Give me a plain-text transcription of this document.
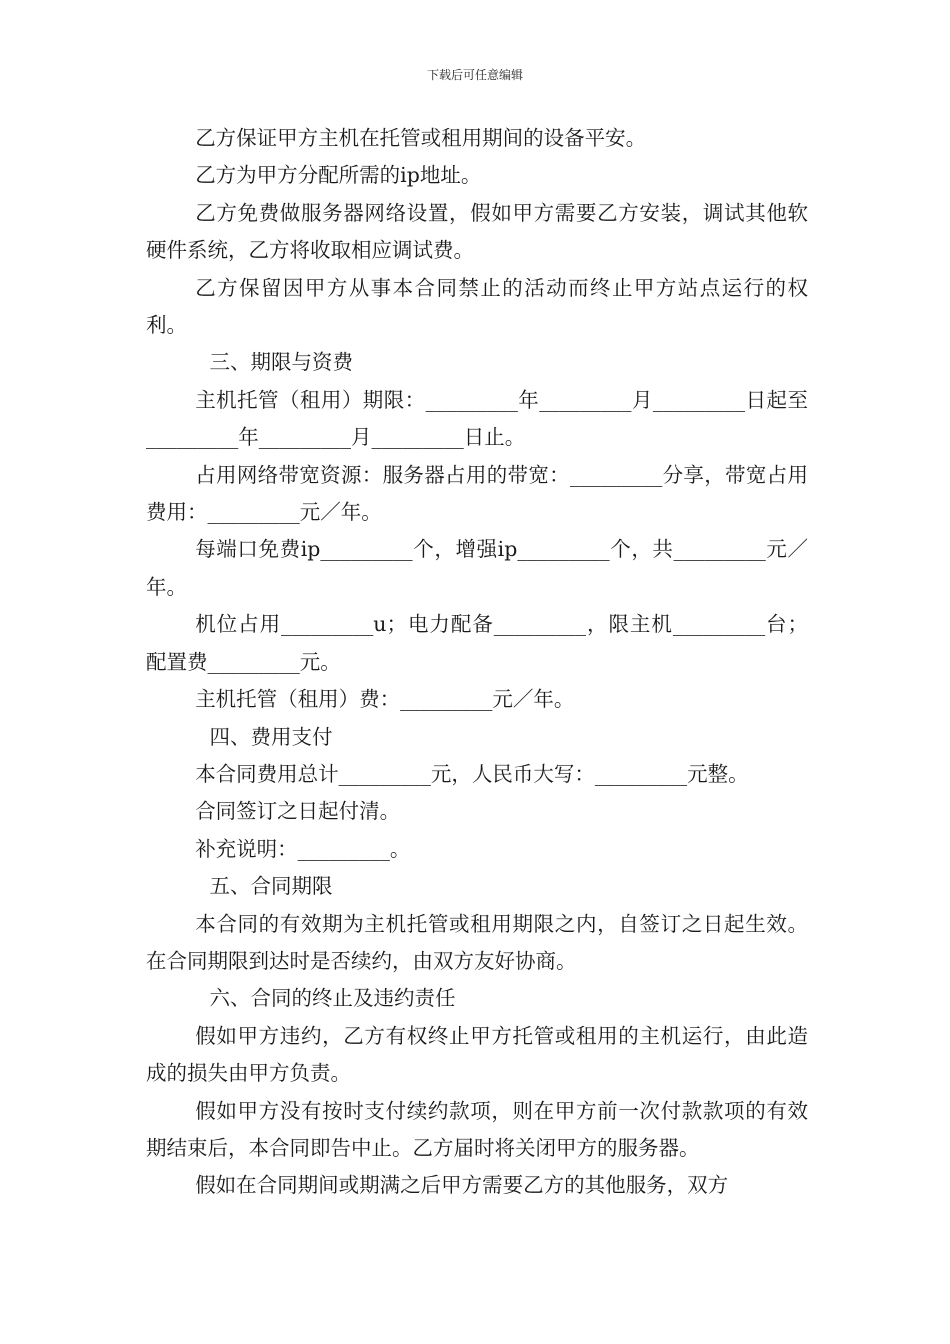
下载后可任意编辑

乙方保证甲方主机在托管或租用期间的设备平安。

乙方为甲方分配所需的ip地址。

乙方免费做服务器网络设置，假如甲方需要乙方安装，调试其他软硬件系统，乙方将收取相应调试费。

乙方保留因甲方从事本合同禁止的活动而终止甲方站点运行的权利。

三、期限与资费

主机托管（租用）期限：_________年_________月_________日起至_________年_________月_________日止。

占用网络带宽资源：服务器占用的带宽：_________分享，带宽占用费用：_________元／年。

每端口免费ip_________个，增强ip_________个，共_________元／年。

机位占用_________u；电力配备_________，限主机_________台；配置费_________元。

主机托管（租用）费：_________元／年。

四、费用支付

本合同费用总计_________元，人民币大写：_________元整。

合同签订之日起付清。

补充说明：_________。

五、合同期限

本合同的有效期为主机托管或租用期限之内，自签订之日起生效。在合同期限到达时是否续约，由双方友好协商。

六、合同的终止及违约责任

假如甲方违约，乙方有权终止甲方托管或租用的主机运行，由此造成的损失由甲方负责。

假如甲方没有按时支付续约款项，则在甲方前一次付款款项的有效期结束后，本合同即告中止。乙方届时将关闭甲方的服务器。

假如在合同期间或期满之后甲方需要乙方的其他服务，双方
